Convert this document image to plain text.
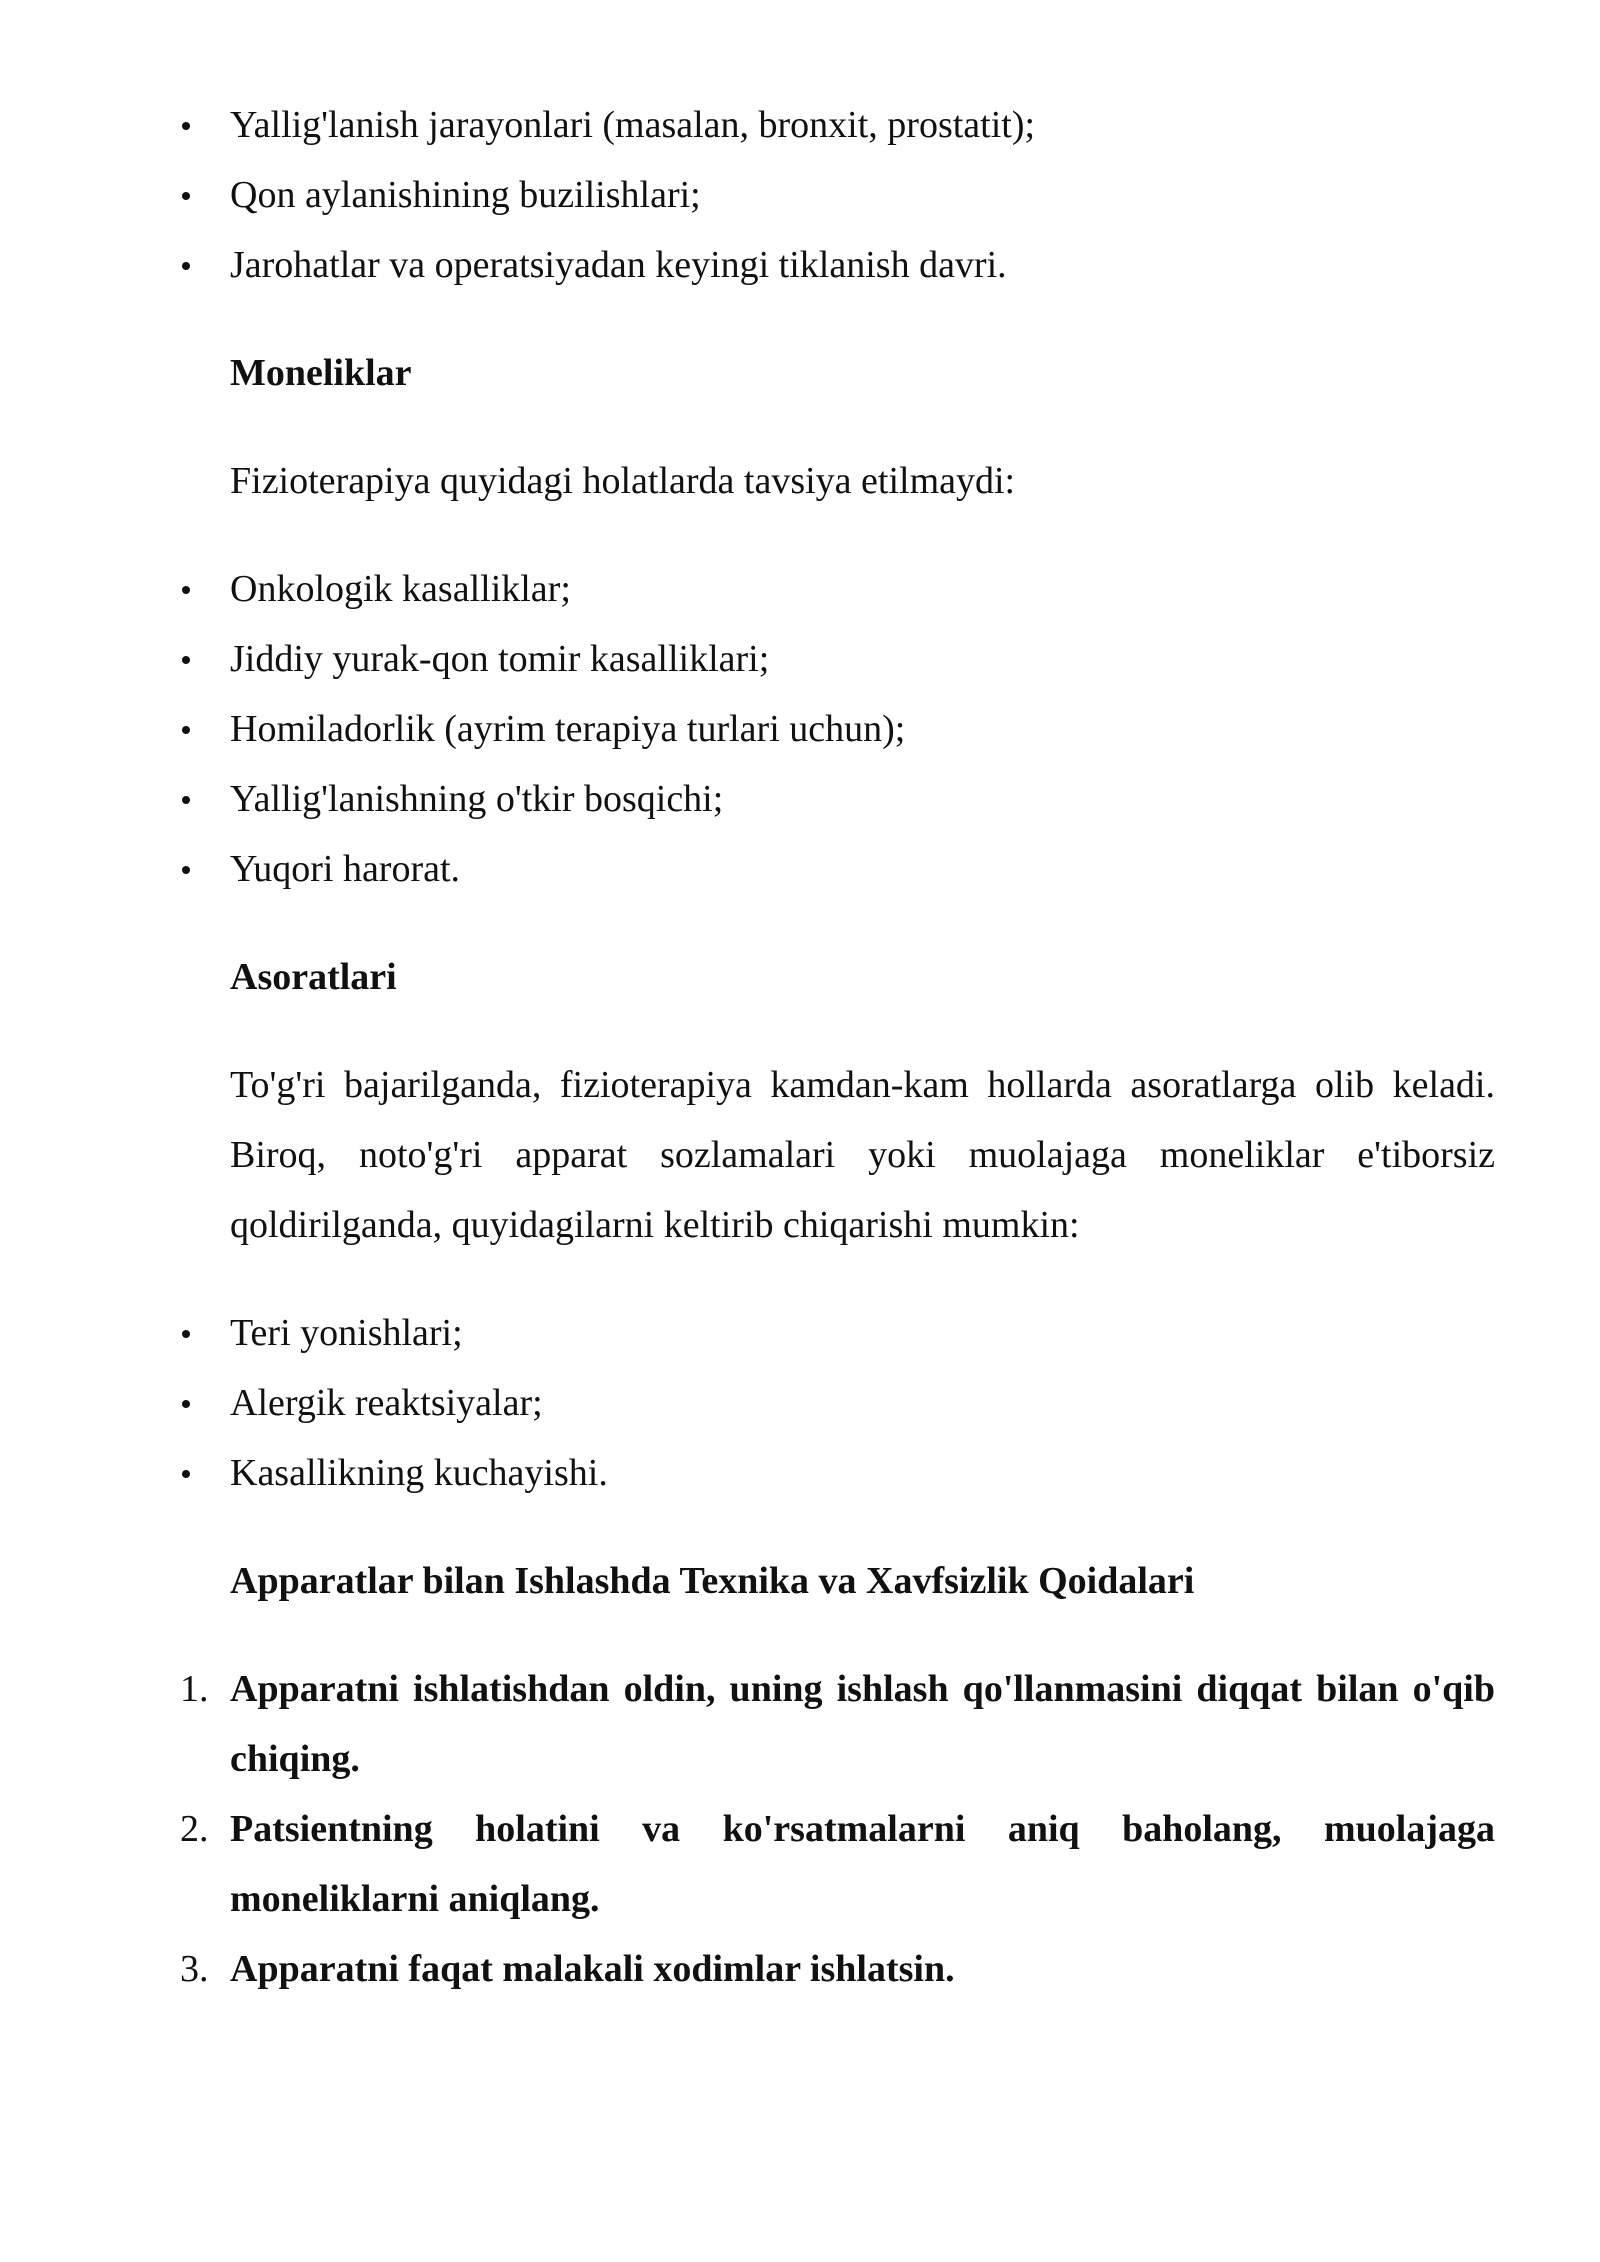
Yallig'lanish jarayonlari (masalan, bronxit, prostatit);
Qon aylanishining buzilishlari;
Jarohatlar va operatsiyadan keyingi tiklanish davri.

Moneliklar

Fizioterapiya quyidagi holatlarda tavsiya etilmaydi:

Onkologik kasalliklar;
Jiddiy yurak-qon tomir kasalliklari;
Homiladorlik (ayrim terapiya turlari uchun);
Yallig'lanishning o'tkir bosqichi;
Yuqori harorat.

Asoratlari

To'g'ri bajarilganda, fizioterapiya kamdan-kam hollarda asoratlarga olib keladi. Biroq, noto'g'ri apparat sozlamalari yoki muolajaga moneliklar e'tiborsiz qoldirilganda, quyidagilarni keltirib chiqarishi mumkin:

Teri yonishlari;
Alergik reaktsiyalar;
Kasallikning kuchayishi.

Apparatlar bilan Ishlashda Texnika va Xavfsizlik Qoidalari

1. Apparatni ishlatishdan oldin, uning ishlash qo'llanmasini diqqat bilan o'qib chiqing.
2. Patsientning holatini va ko'rsatmalarni aniq baholang, muolajaga moneliklarni aniqlang.
3. Apparatni faqat malakali xodimlar ishlatsin.
